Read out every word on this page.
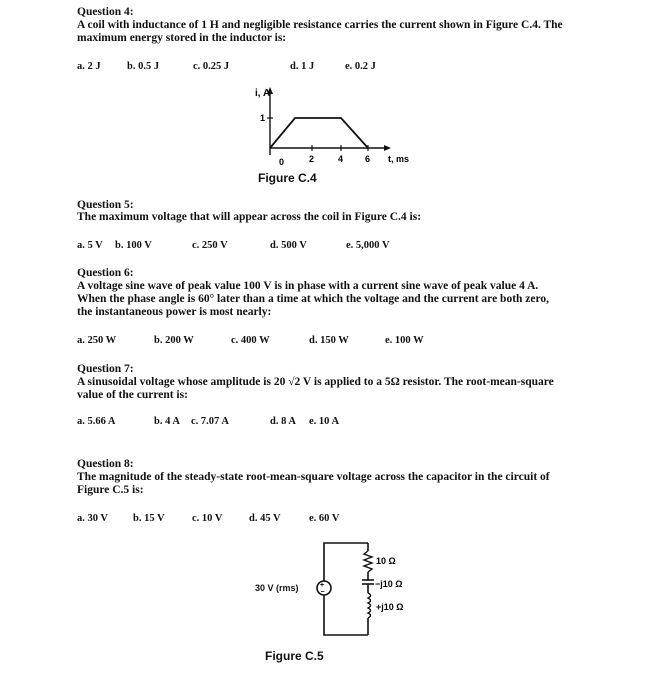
Question 4:
A coil with inductance of 1 H and negligible resistance carries the current shown in Figure C.4. The
maximum energy stored in the inductor is:
a. 2 J	b. 0.5 J	c. 0.25 J	d. 1 J	e. 0.2 J
i, A
1
0	2	4 6 t, ms
Figure C.4
Question 5:
The maximum voltage that will appear across the coil in Figure C.4 is:
a. 5 V b. 100 V	c. 250 V	d. 500 V	e. 5,000 V
Question 6:
A voltage sine wave of peak value 100 V is in phase with a current sine wave of peak value 4 A.
When the phase angle is 60° later than a time at which the voltage and the current are both zero,
the instantaneous power is most nearly:
a. 250 W	b. 200 W	c. 400 W	d. 150 W	e. 100 W
Question 7:
A sinusoidal voltage whose amplitude is 20 √2 V is applied to a 5Ω resistor. The root-mean-square
value of the current is:
a. 5.66 A	b. 4 A c. 7.07 A	d. 8 A e. 10 A
Question 8:
The magnitude of the steady-state root-mean-square voltage across the capacitor in the circuit of
Figure C.5 is:
a. 30 V b. 15 V	c. 10 V	d. 45 V	e. 60 V
+
−
10 Ω
−j10 Ω
+j10 Ω
30 V (rms)
Figure C.5
